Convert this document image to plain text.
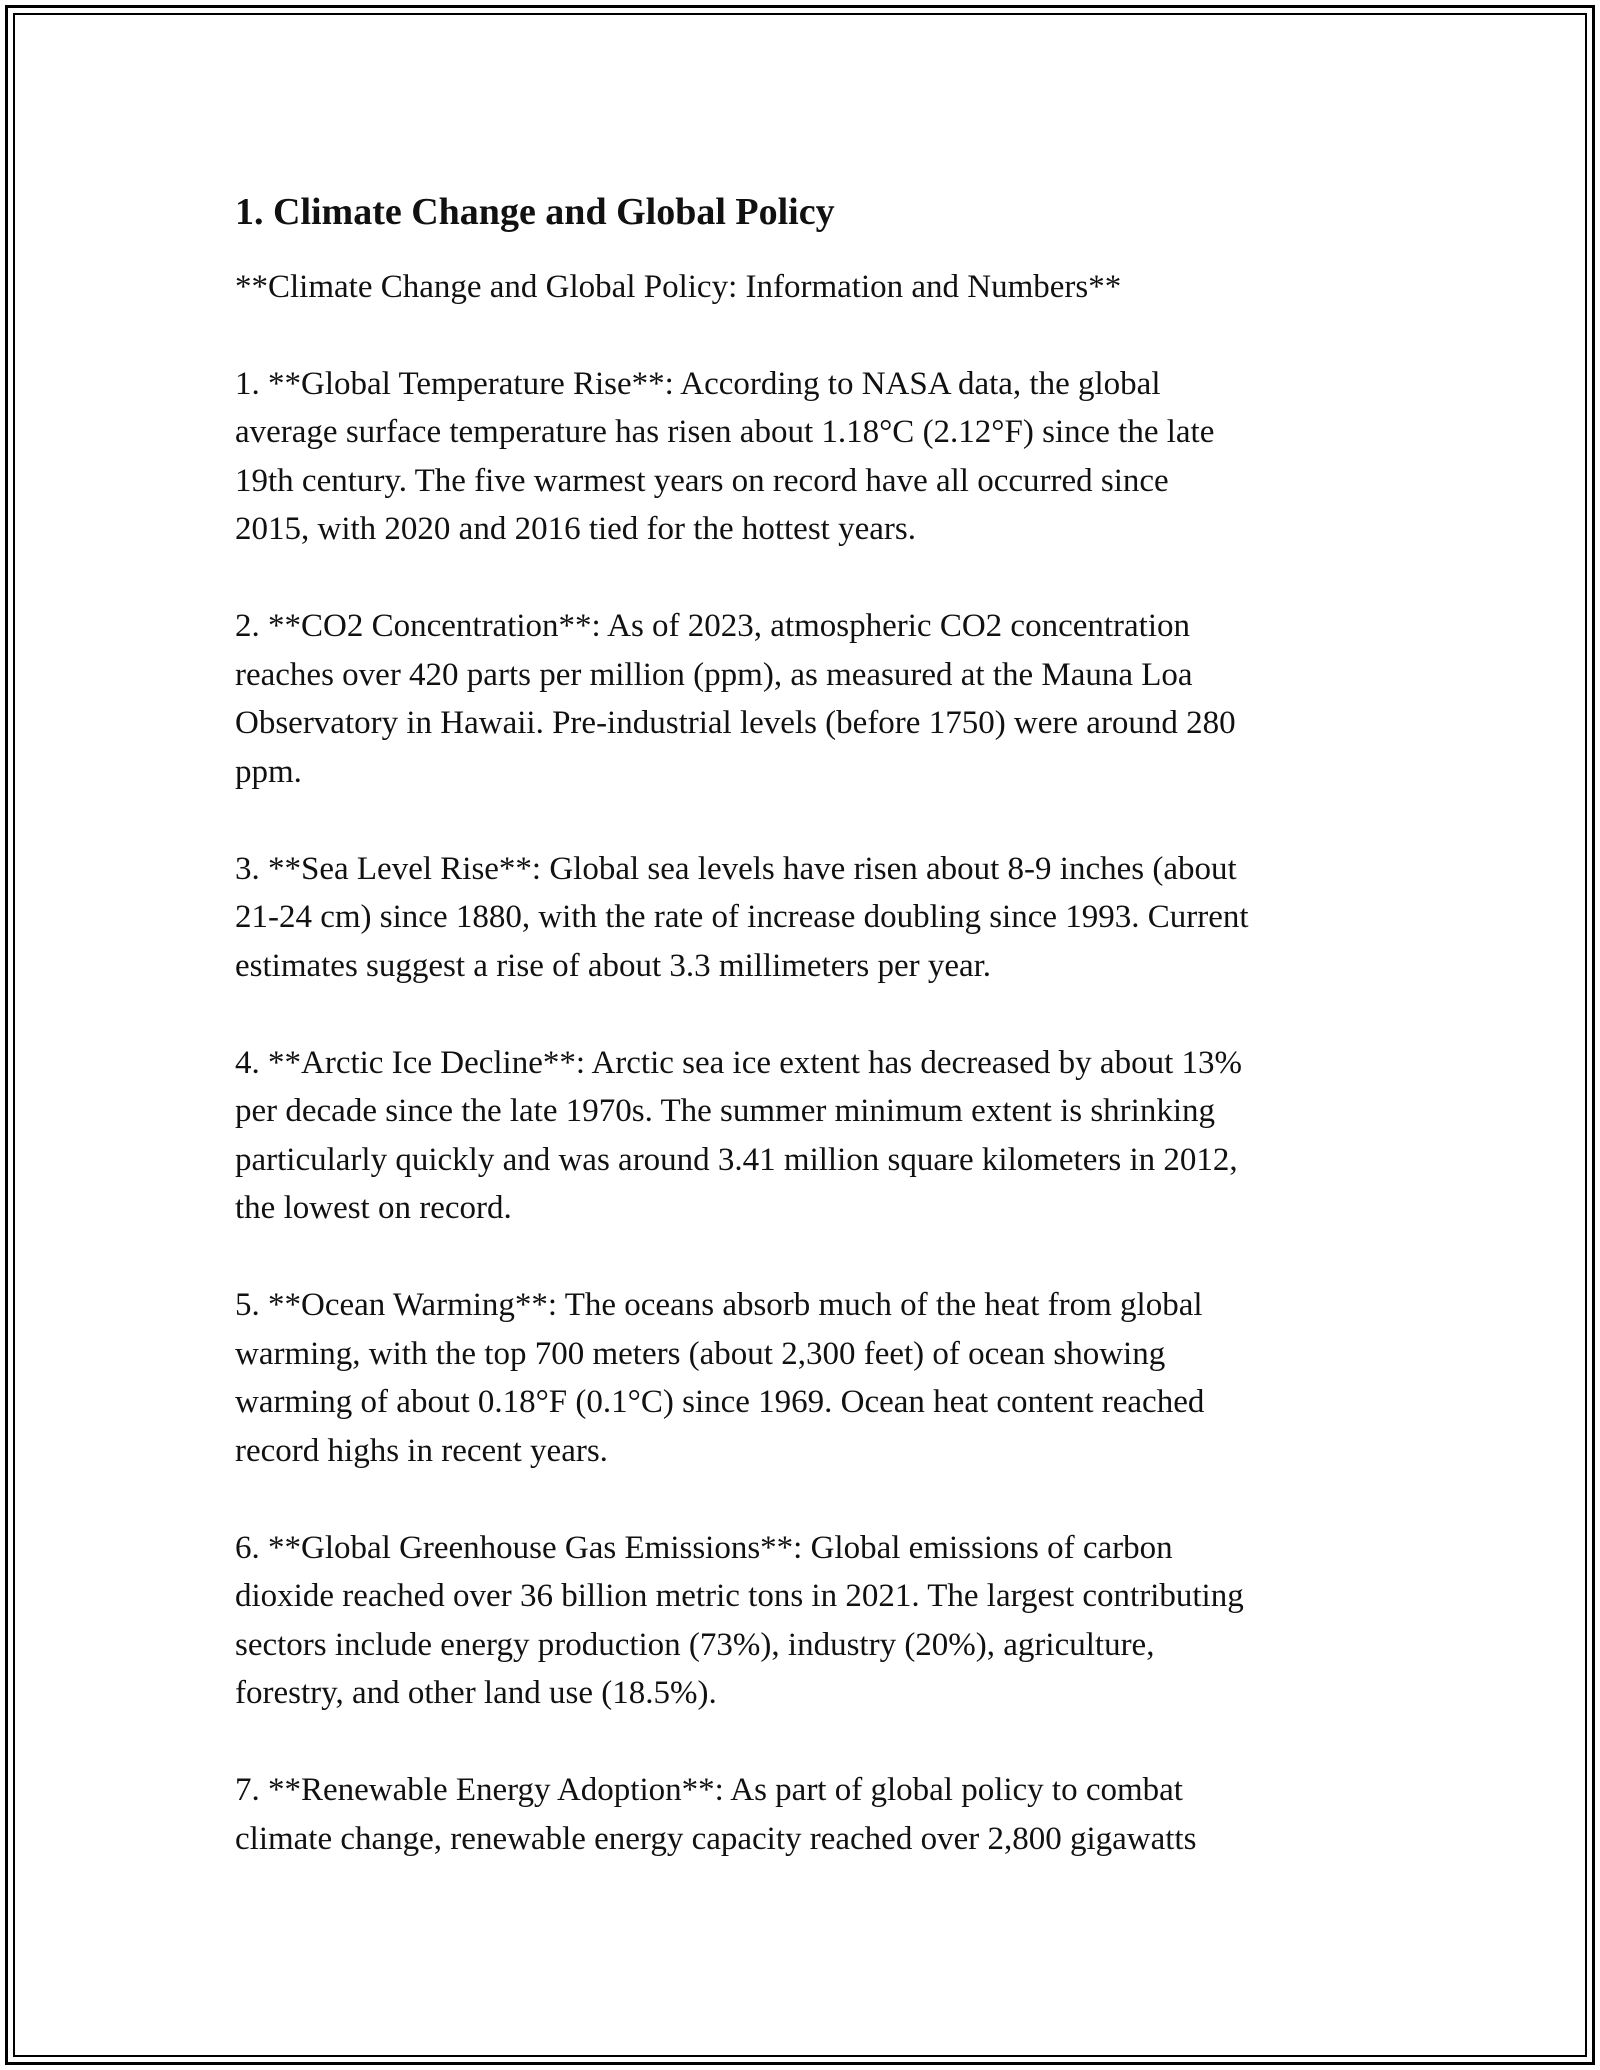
1. Climate Change and Global Policy
**Climate Change and Global Policy: Information and Numbers**
1. **Global Temperature Rise**: According to NASA data, the global
average surface temperature has risen about 1.18°C (2.12°F) since the late
19th century. The five warmest years on record have all occurred since
2015, with 2020 and 2016 tied for the hottest years.
2. **CO2 Concentration**: As of 2023, atmospheric CO2 concentration
reaches over 420 parts per million (ppm), as measured at the Mauna Loa
Observatory in Hawaii. Pre-industrial levels (before 1750) were around 280
ppm.
3. **Sea Level Rise**: Global sea levels have risen about 8-9 inches (about
21-24 cm) since 1880, with the rate of increase doubling since 1993. Current
estimates suggest a rise of about 3.3 millimeters per year.
4. **Arctic Ice Decline**: Arctic sea ice extent has decreased by about 13%
per decade since the late 1970s. The summer minimum extent is shrinking
particularly quickly and was around 3.41 million square kilometers in 2012,
the lowest on record.
5. **Ocean Warming**: The oceans absorb much of the heat from global
warming, with the top 700 meters (about 2,300 feet) of ocean showing
warming of about 0.18°F (0.1°C) since 1969. Ocean heat content reached
record highs in recent years.
6. **Global Greenhouse Gas Emissions**: Global emissions of carbon
dioxide reached over 36 billion metric tons in 2021. The largest contributing
sectors include energy production (73%), industry (20%), agriculture,
forestry, and other land use (18.5%).
7. **Renewable Energy Adoption**: As part of global policy to combat
climate change, renewable energy capacity reached over 2,800 gigawatts
